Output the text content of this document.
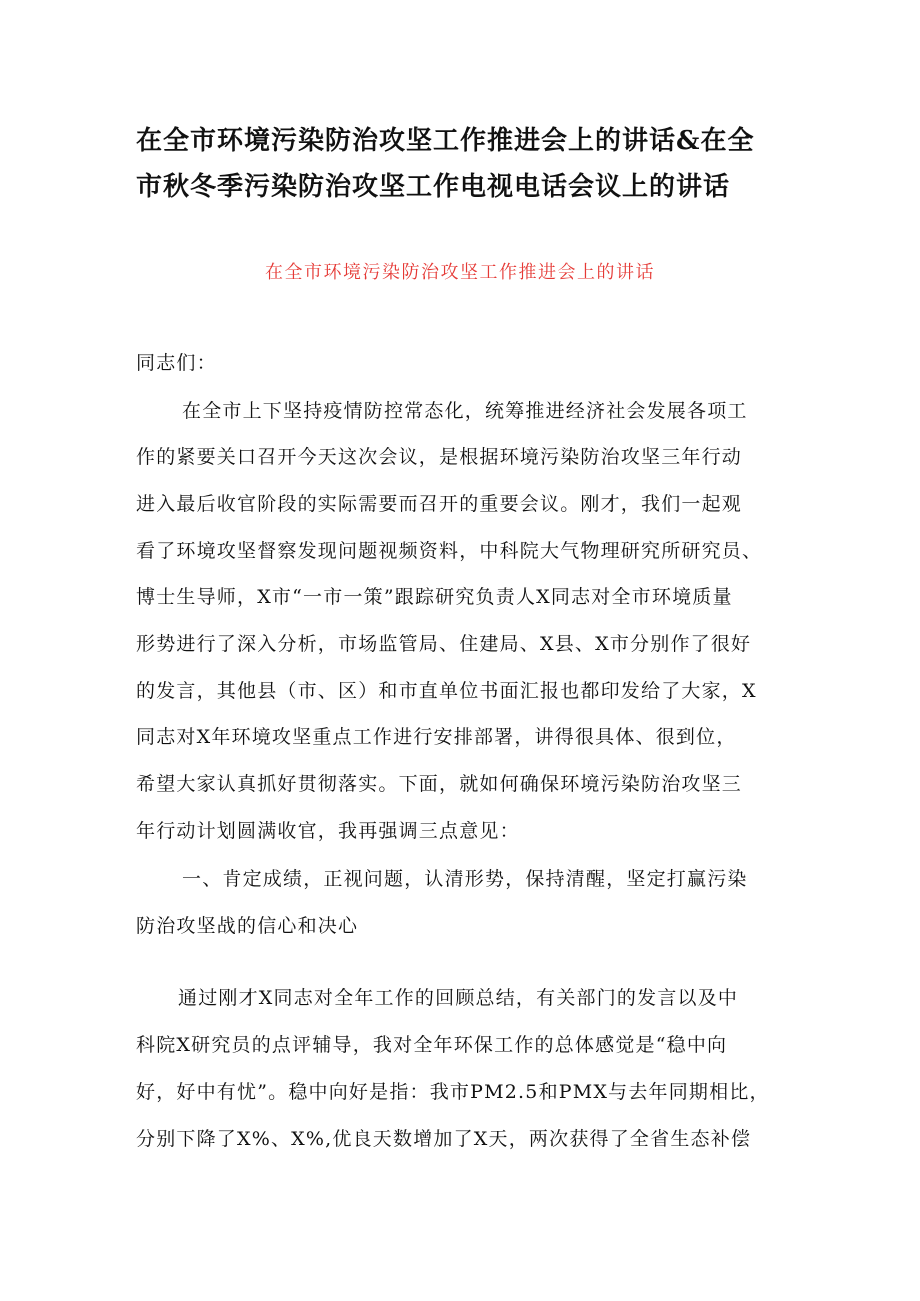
在全市环境污染防治攻坚工作推进会上的讲话&在全
市秋冬季污染防治攻坚工作电视电话会议上的讲话
在全市环境污染防治攻坚工作推进会上的讲话
同志们：
在全市上下坚持疫情防控常态化，统筹推进经济社会发展各项工
作的紧要关口召开今天这次会议，是根据环境污染防治攻坚三年行动
进入最后收官阶段的实际需要而召开的重要会议。刚才，我们一起观
看了环境攻坚督察发现问题视频资料，中科院大气物理研究所研究员、
博士生导师，X市“一市一策”跟踪研究负责人X同志对全市环境质量
形势进行了深入分析，市场监管局、住建局、X县、X市分别作了很好
的发言，其他县（市、区）和市直单位书面汇报也都印发给了大家，X
同志对X年环境攻坚重点工作进行安排部署，讲得很具体、很到位，
希望大家认真抓好贯彻落实。下面，就如何确保环境污染防治攻坚三
年行动计划圆满收官，我再强调三点意见：
一、肯定成绩，正视问题，认清形势，保持清醒，坚定打赢污染
防治攻坚战的信心和决心
通过刚才X同志对全年工作的回顾总结，有关部门的发言以及中
科院X研究员的点评辅导，我对全年环保工作的总体感觉是“稳中向
好，好中有忧”。稳中向好是指：我市PM2.5和PMX与去年同期相比，
分别下降了X%、X%,优良天数增加了X天，两次获得了全省生态补偿
